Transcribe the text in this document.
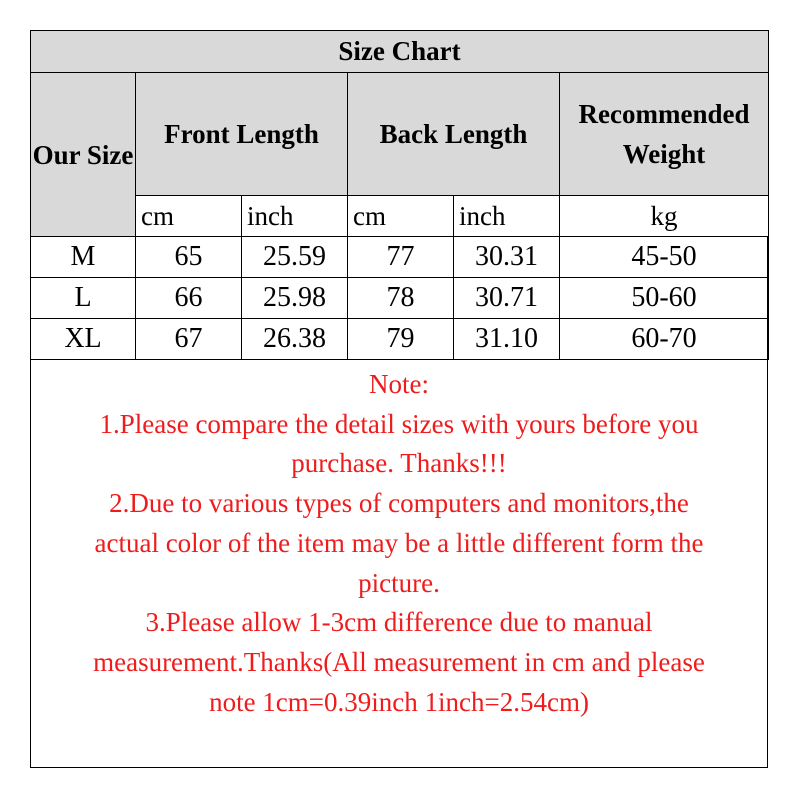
Size Chart					
Our Size	Front Length		Back Length		Recommended Weight
	cm	inch	cm	inch	kg
M	65	25.59	77	30.31	45-50
L	66	25.98	78	30.71	50-60
XL	67	26.38	79	31.10	60-70
Note:
1.Please compare the detail sizes with yours before you
purchase. Thanks!!!
2.Due to various types of computers and monitors,the
actual color of the item may be a little different form the
picture.
3.Please allow 1-3cm difference due to manual
measurement.Thanks(All measurement in cm and please
note 1cm=0.39inch 1inch=2.54cm)
